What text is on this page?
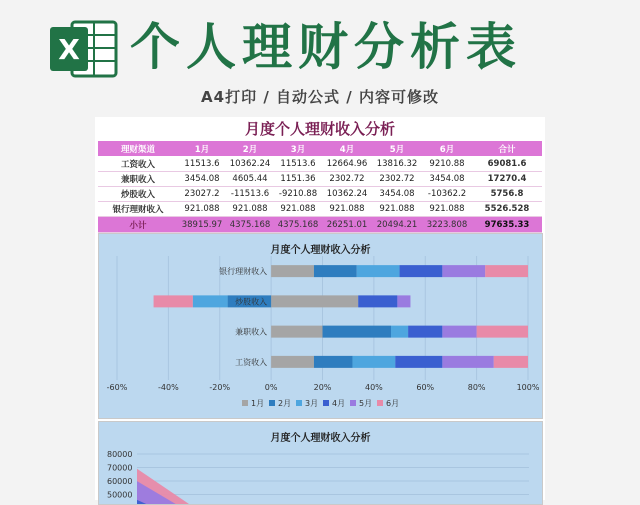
X 个人理财分析表
A4打印 / 自动公式 / 内容可修改
月度个人理财收入分析
理财渠道	1月	2月	3月	4月	5月	6月	合计
工资收入	11513.6	10362.24	11513.6	12664.96	13816.32	9210.88	69081.6
兼职收入	3454.08	4605.44	1151.36	2302.72	2302.72	3454.08	17270.4
炒股收入	23027.2	-11513.6	-9210.88	10362.24	3454.08	-10362.2	5756.8
银行理财收入	921.088	921.088	921.088	921.088	921.088	921.088	5526.528
小计	38915.97	4375.168	4375.168	26251.01	20494.21	3223.808	97635.33
月度个人理财收入分析
-60%	-40%	-20%	0%	20%	40%	60%	80%	100%
工资收入
兼职收入
炒股收入
银行理财收入
1月 2月 3月 4月 5月 6月
月度个人理财收入分析
80000
70000
60000
50000
